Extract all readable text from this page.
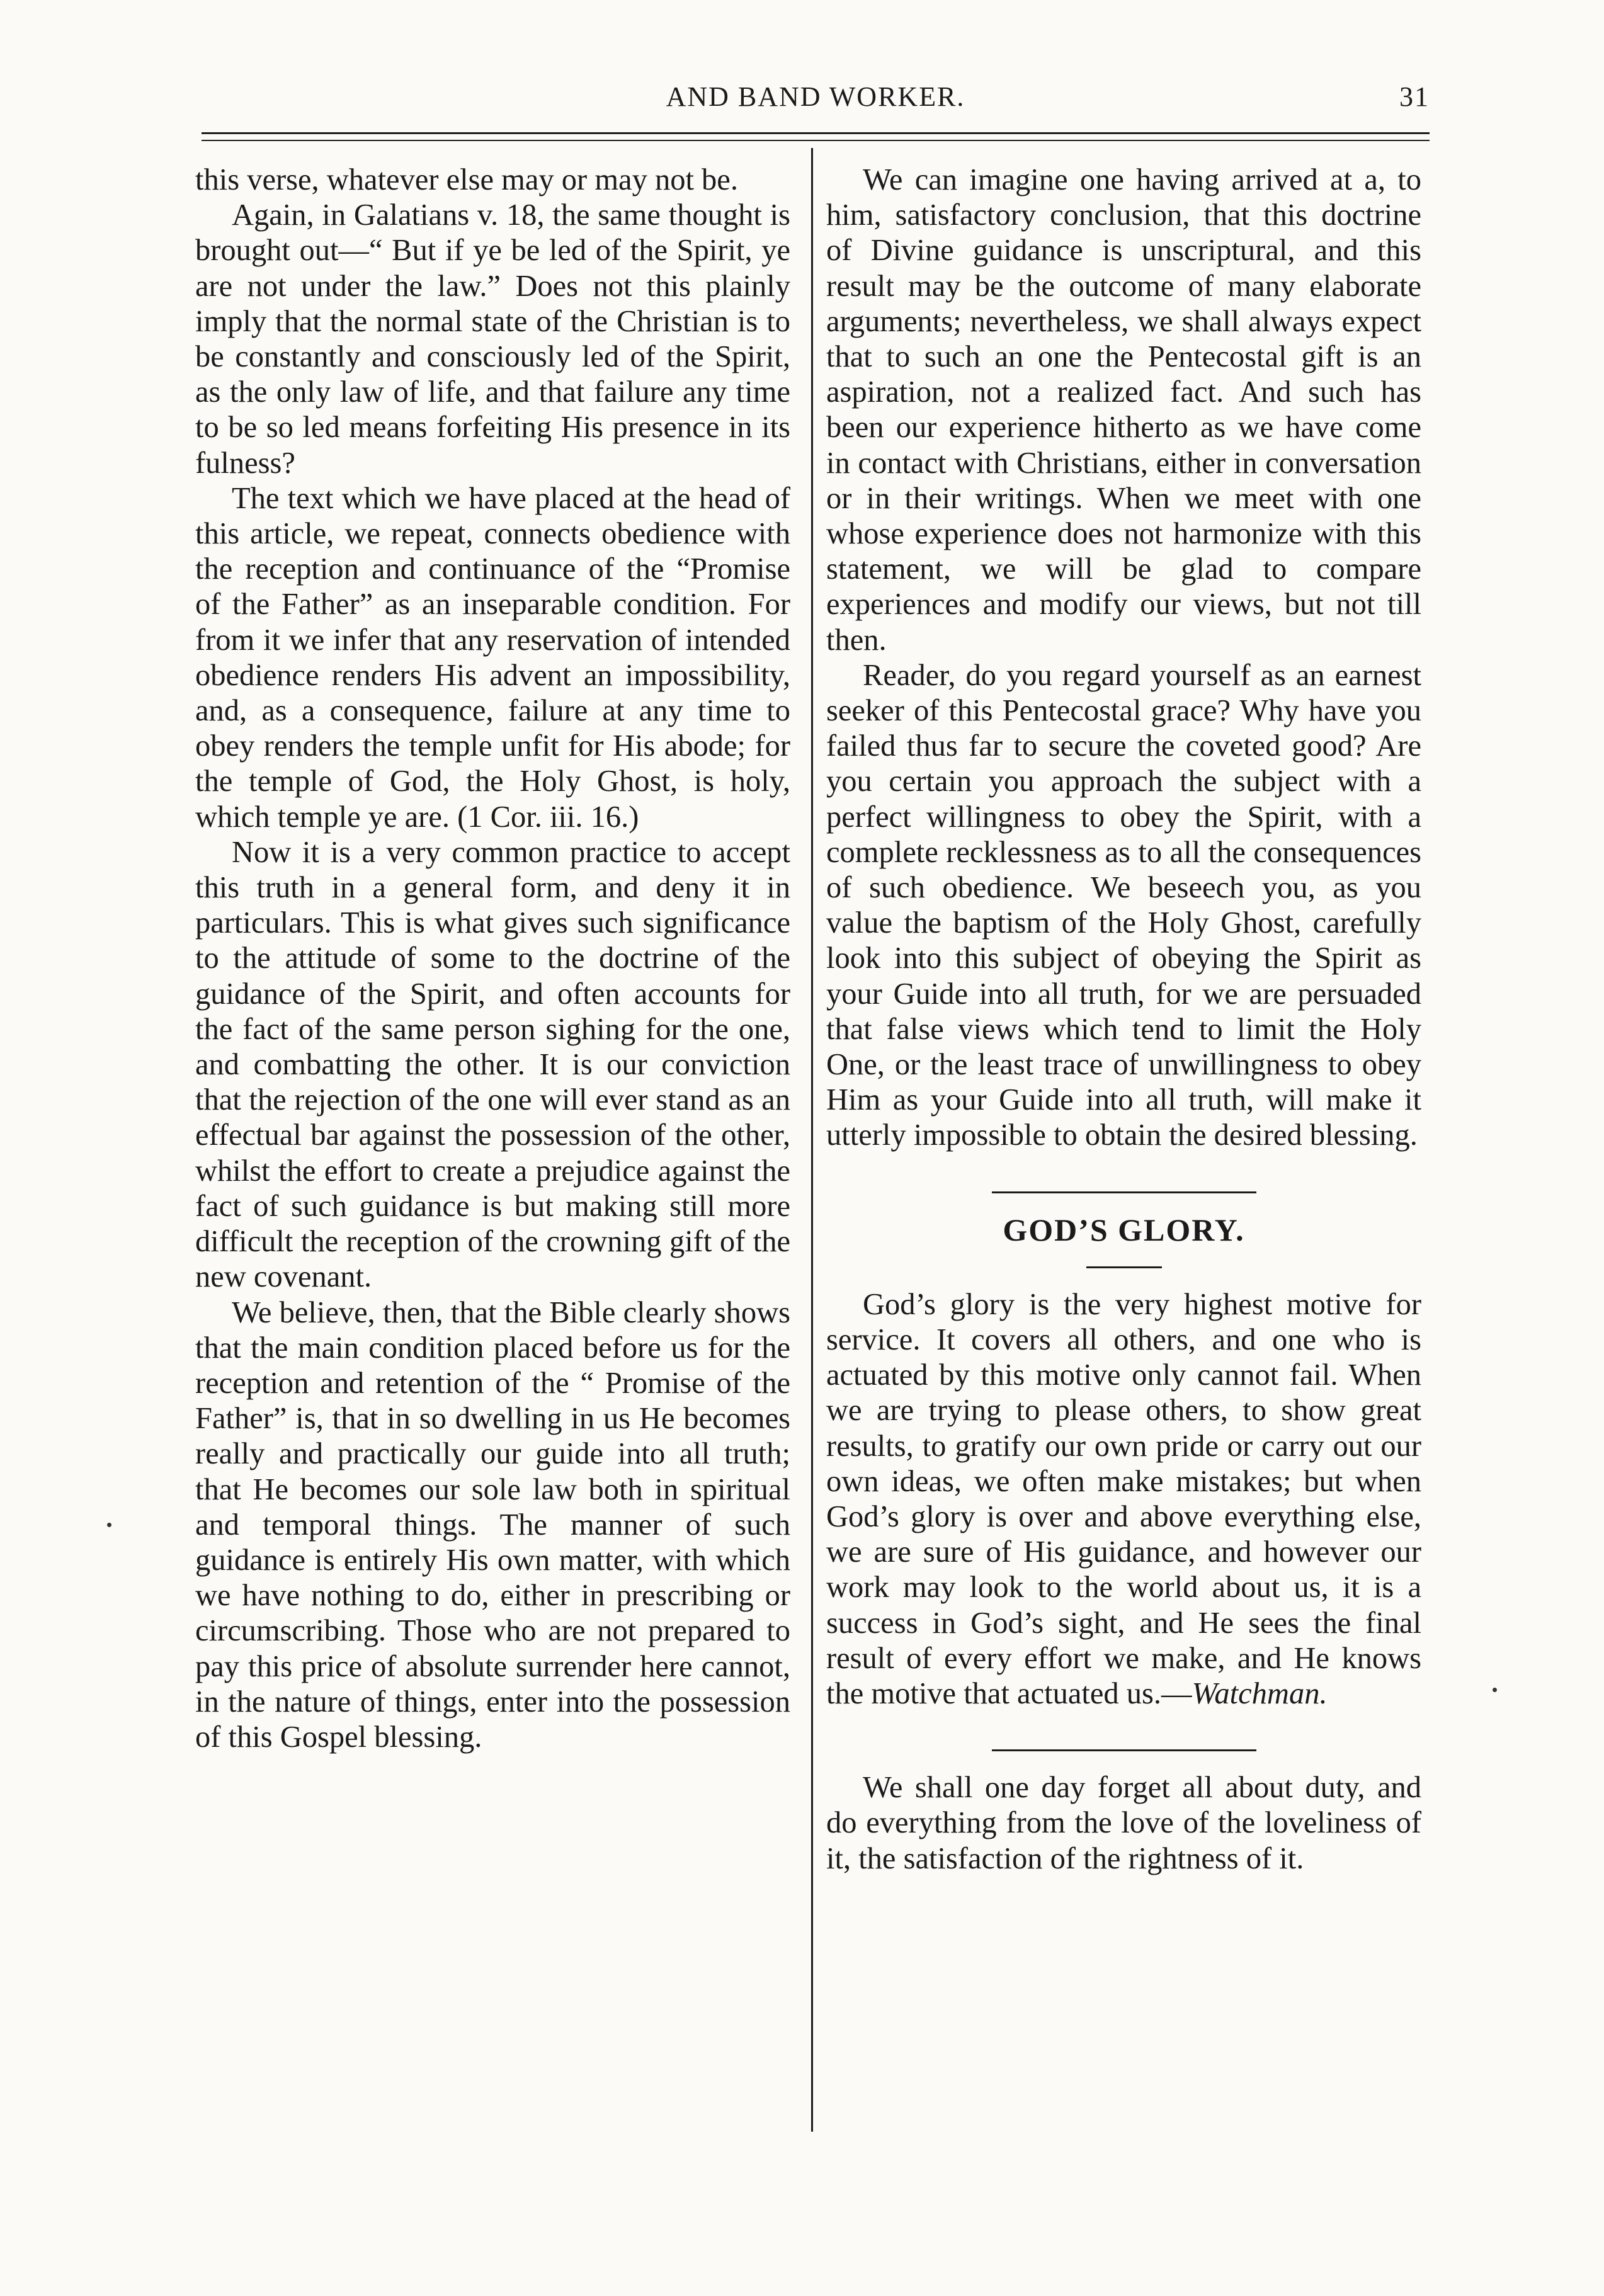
AND BAND WORKER.	31

this verse, whatever else may or may not be.

Again, in Galatians v. 18, the same thought is brought out—“ But if ye be led of the Spirit, ye are not under the law.” Does not this plainly imply that the normal state of the Christian is to be constantly and consciously led of the Spirit, as the only law of life, and that failure any time to be so led means forfeiting His presence in its fulness?

The text which we have placed at the head of this article, we repeat, connects obedience with the reception and continuance of the “Promise of the Father” as an inseparable condition. For from it we infer that any reservation of intended obedience renders His advent an impossibility, and, as a consequence, failure at any time to obey renders the temple unfit for His abode; for the temple of God, the Holy Ghost, is holy, which temple ye are. (1 Cor. iii. 16.)

Now it is a very common practice to accept this truth in a general form, and deny it in particulars. This is what gives such significance to the attitude of some to the doctrine of the guidance of the Spirit, and often accounts for the fact of the same person sighing for the one, and combatting the other. It is our conviction that the rejection of the one will ever stand as an effectual bar against the possession of the other, whilst the effort to create a prejudice against the fact of such guidance is but making still more difficult the reception of the crowning gift of the new covenant.

We believe, then, that the Bible clearly shows that the main condition placed before us for the reception and retention of the “ Promise of the Father” is, that in so dwelling in us He becomes really and practically our guide into all truth; that He becomes our sole law both in spiritual and temporal things. The manner of such guidance is entirely His own matter, with which we have nothing to do, either in prescribing or circumscribing. Those who are not prepared to pay this price of absolute surrender here cannot, in the nature of things, enter into the possession of this Gospel blessing.

We can imagine one having arrived at a, to him, satisfactory conclusion, that this doctrine of Divine guidance is unscriptural, and this result may be the outcome of many elaborate arguments; nevertheless, we shall always expect that to such an one the Pentecostal gift is an aspiration, not a realized fact. And such has been our experience hitherto as we have come in contact with Christians, either in conversation or in their writings. When we meet with one whose experience does not harmonize with this statement, we will be glad to compare experiences and modify our views, but not till then.

Reader, do you regard yourself as an earnest seeker of this Pentecostal grace? Why have you failed thus far to secure the coveted good? Are you certain you approach the subject with a perfect willingness to obey the Spirit, with a complete recklessness as to all the consequences of such obedience. We beseech you, as you value the baptism of the Holy Ghost, carefully look into this subject of obeying the Spirit as your Guide into all truth, for we are persuaded that false views which tend to limit the Holy One, or the least trace of unwillingness to obey Him as your Guide into all truth, will make it utterly impossible to obtain the desired blessing.

GOD’S GLORY.

God’s glory is the very highest motive for service. It covers all others, and one who is actuated by this motive only cannot fail. When we are trying to please others, to show great results, to gratify our own pride or carry out our own ideas, we often make mistakes; but when God’s glory is over and above everything else, we are sure of His guidance, and however our work may look to the world about us, it is a success in God’s sight, and He sees the final result of every effort we make, and He knows the motive that actuated us.—Watchman.

We shall one day forget all about duty, and do everything from the love of the loveliness of it, the satisfaction of the rightness of it.
